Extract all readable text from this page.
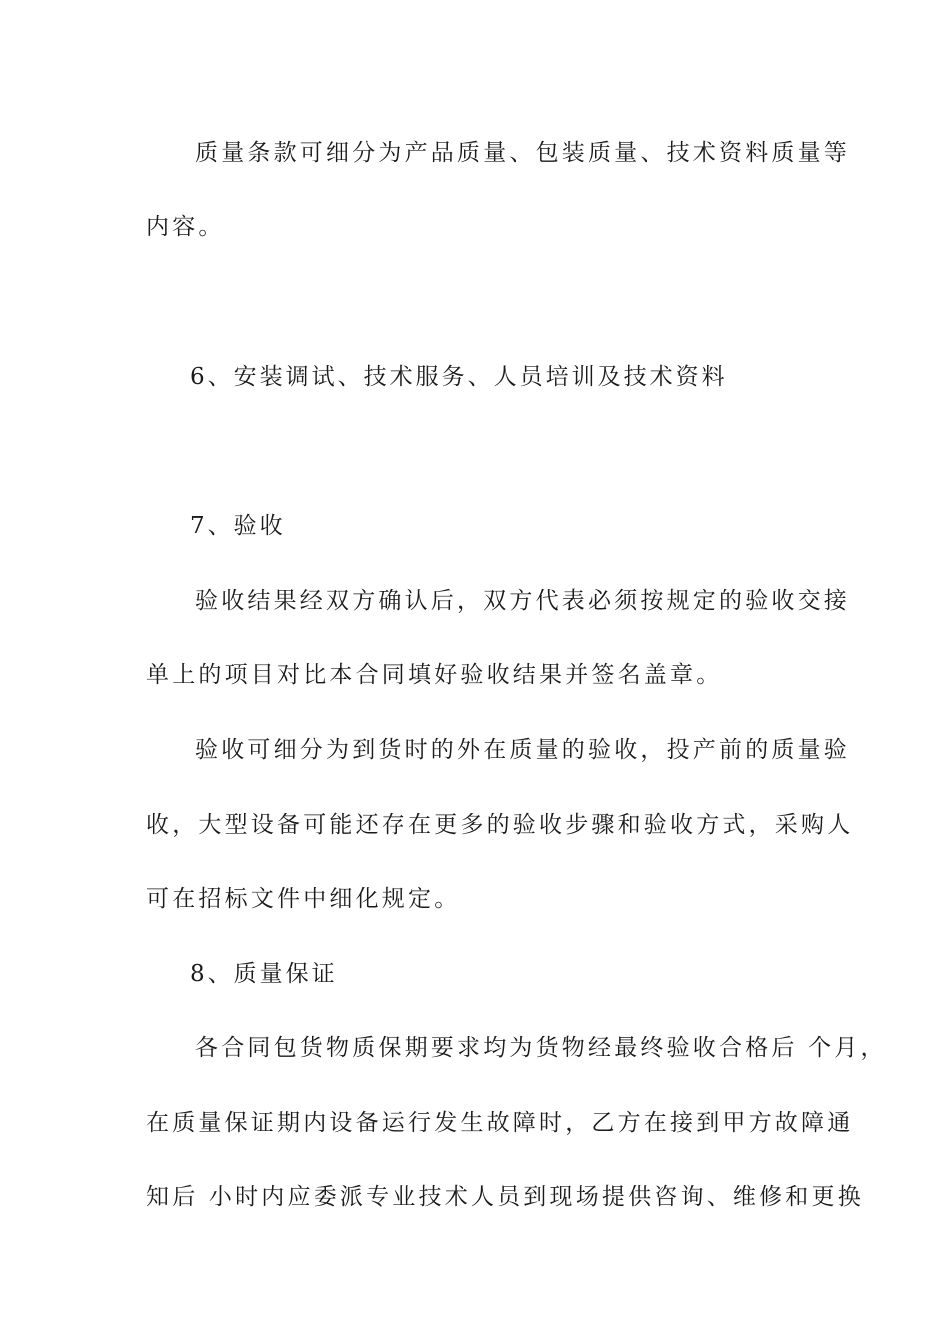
质量条款可细分为产品质量、包装质量、技术资料质量等
内容。
6、安装调试、技术服务、人员培训及技术资料
7、验收
验收结果经双方确认后，双方代表必须按规定的验收交接
单上的项目对比本合同填好验收结果并签名盖章。
验收可细分为到货时的外在质量的验收，投产前的质量验
收，大型设备可能还存在更多的验收步骤和验收方式，采购人
可在招标文件中细化规定。
8、质量保证
各合同包货物质保期要求均为货物经最终验收合格后 个月，
在质量保证期内设备运行发生故障时，乙方在接到甲方故障通
知后 小时内应委派专业技术人员到现场提供咨询、维修和更换
